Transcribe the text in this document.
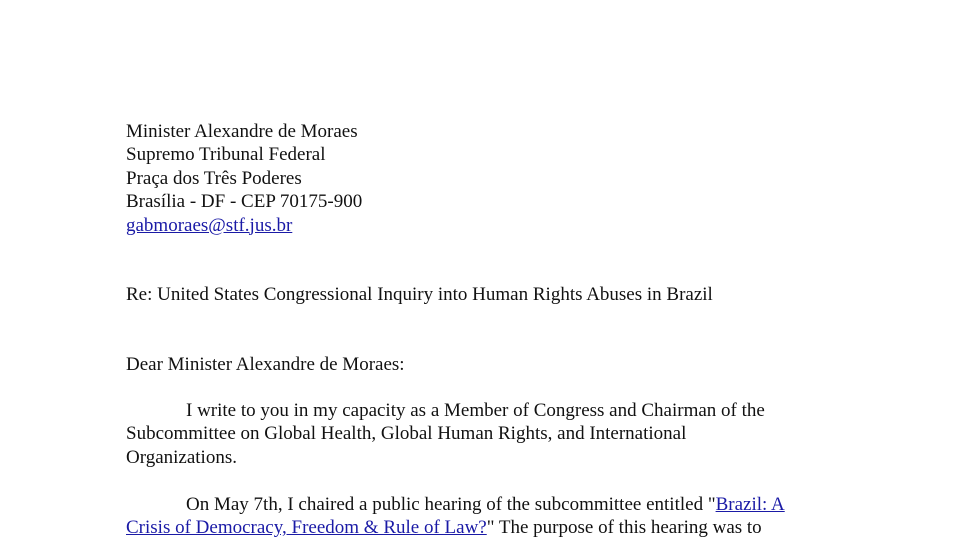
Minister Alexandre de Moraes
Supremo Tribunal Federal
Praça dos Três Poderes
Brasília - DF - CEP 70175-900
gabmoraes@stf.jus.br
Re: United States Congressional Inquiry into Human Rights Abuses in Brazil
Dear Minister Alexandre de Moraes:
I write to you in my capacity as a Member of Congress and Chairman of the
Subcommittee on Global Health, Global Human Rights, and International
Organizations.
On May 7th, I chaired a public hearing of the subcommittee entitled "Brazil: A
Crisis of Democracy, Freedom & Rule of Law?" The purpose of this hearing was to
